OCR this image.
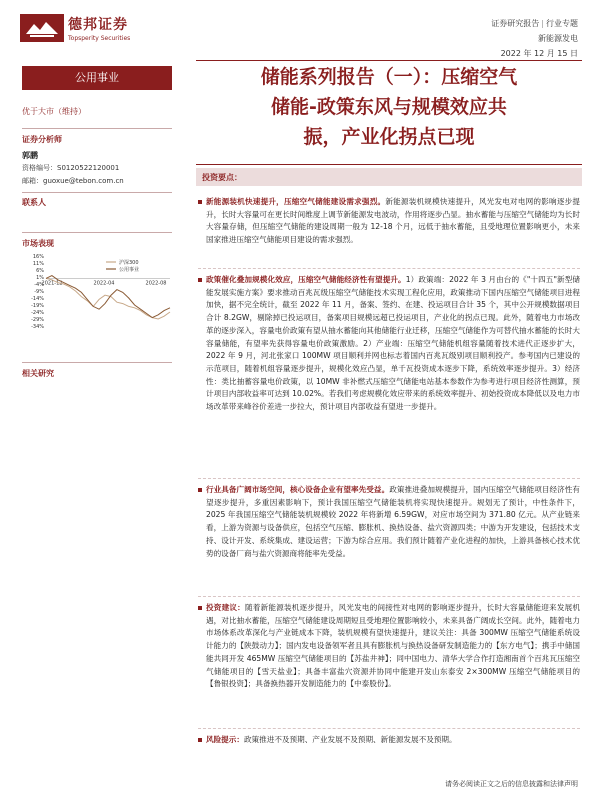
德邦证券
Topsperity Securities
证券研究报告 | 行业专题
新能源发电
2022 年 12 月 15 日
公用事业
优于大市（维持）
证券分析师
郭鹏
资格编号：S0120522120001
邮箱：guoxue@tebon.com.cn
联系人
市场表现
16%
11%
6%
1%
-4%
-9%
-14%
-19%
-24%
-29%
-34%
2021-12	2022-04	2022-08
沪深300
公用事业
相关研究
储能系列报告（一）：压缩空气
储能-政策东风与规模效应共
振，产业化拐点已现
投资要点：
新能源装机快速提升，压缩空气储能建设需求强烈。新能源装机规模快速提升，风光发电对电网的影响逐步提升，长时大容量可在更长时间维度上调节新能源发电波动，作用将逐步凸显。抽水蓄能与压缩空气储能均为长时大容量存储，但压缩空气储能的建设周期一般为 12-18 个月，远低于抽水蓄能，且受地理位置影响更小，未来国家推进压缩空气储能项目建设的需求强烈。
政策催化叠加规模化效应，压缩空气储能经济性有望提升。1）政策端：2022 年 3 月由台的《"十四五"新型储能发展实施方案》要求推动百兆瓦级压缩空气储能技术实现工程化应用，政策推动下国内压缩空气储能项目进程加快，据不完全统计，截至 2022 年 11 月，备案、签约、在建、投运项目合计 35 个，其中公开规模数据项目合计 8.2GW，剔除掉已投运项目，备案项目规模远超已投运项目，产业化的拐点已现。此外，随着电力市场改革的逐步深入，容量电价政策有望从抽水蓄能向其他储能行业迁移，压缩空气储能作为可替代抽水蓄能的长时大容量储能，有望率先获得容量电价政策激励。2）产业端：压缩空气储能机组容量随着技术进代正逐步扩大，2022 年 9 月，河北张家口 100MW 项目顺利并网也标志着国内百兆瓦级别项目顺利投产。参考国内已建设的示范项目，随着机组容量逐步提升，规模化效应凸显，单千瓦投资成本逐步下降，系统效率逐步提升。3）经济性：类比抽蓄容量电价政策，以 10MW 非补燃式压缩空气储能电站基本参数作为参考进行项目经济性测算，预计项目内部收益率可达到 10.02%。若我们考虑规模化效应带来的系统效率提升、初始投资成本降低以及电力市场改革带来峰谷价差进一步拉大，预计项目内部收益有望进一步提升。
行业具备广阔市场空间，核心设备企业有望率先受益。政策推进叠加规模提升，国内压缩空气储能项目经济性有望逐步提升，多重因素影响下，预计我国压缩空气储能装机将实现快速提升。规划无了预计，中性条件下，2025 年我国压缩空气储能装机规模较 2022 年将新增 6.59GW，对应市场空间为 371.80 亿元。从产业链来看，上游为资源与设备供应，包括空气压缩、膨胀机、换热设备、盐穴资源四类；中游为开发建设，包括技术支持、设计开发、系统集成、建设运营；下游为综合应用。我们预计随着产业化进程的加快，上游具备核心技术优势的设备厂商与盐穴资源商将能率先受益。
投资建议：随着新能源装机逐步提升，风光发电的间接性对电网的影响逐步提升，长时大容量储能迎来发展机遇，对比抽水蓄能，压缩空气储能建设周期短且受地理位置影响较小，未来具备广阔成长空间。此外，随着电力市场体系改革深化与产业链成本下降，装机规模有望快速提升，建议关注：具备 300MW 压缩空气储能系统设计能力的【陕鼓动力】；国内发电设备领军者且具有膨胀机与换热设备研发制造能力的【东方电气】；携手中储国能共同开发 465MW 压缩空气储能项目的【苏盐井神】；同中国电力、清华大学合作打造湘南首个百兆瓦压缩空气储能项目的【雪天盐业】；具备丰富盐穴资源并协同中能建开发山东泰安 2×300MW 压缩空气储能项目的【鲁银投资】；具备换热器开发制造能力的【中泰股份】。
风险提示：政策推进不及预期、产业发展不及预期、新能源发展不及预期。
请务必阅读正文之后的信息披露和法律声明
